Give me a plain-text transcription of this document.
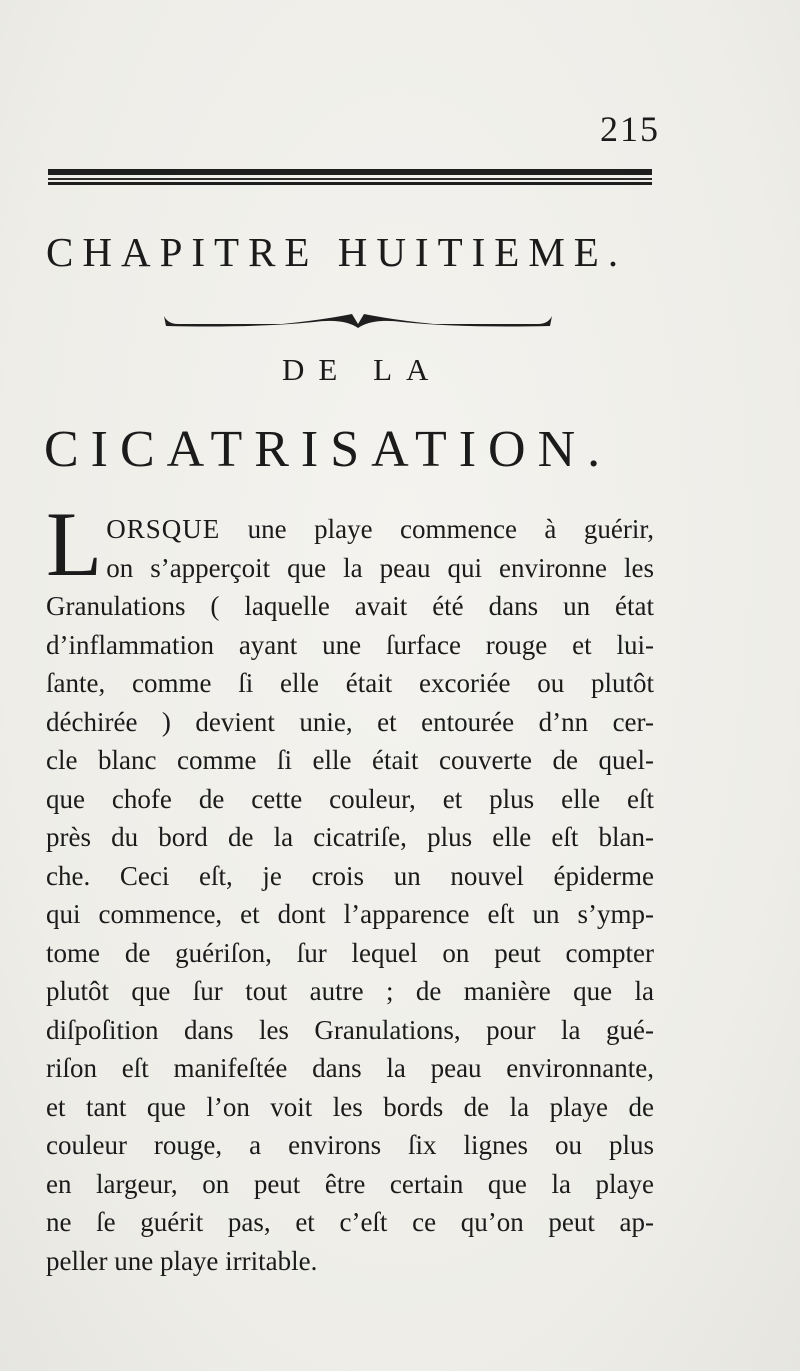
215
CHAPITRE HUITIEME.
DE LA
CICATRISATION.
L ORSQUE une playe commence à guérir,
on s’apperçoit que la peau qui environne les
Granulations ( laquelle avait été dans un état
d’inflammation ayant une ſurface rouge et lui-
ſante, comme ſi elle était excoriée ou plutôt
déchirée ) devient unie, et entourée d’nn cer-
cle blanc comme ſi elle était couverte de quel-
que chofe de cette couleur, et plus elle eſt
près du bord de la cicatriſe, plus elle eſt blan-
che. Ceci eſt, je crois un nouvel épiderme
qui commence, et dont l’apparence eſt un s’ymp-
tome de guériſon, ſur lequel on peut compter
plutôt que ſur tout autre ; de manière que la
diſpoſition dans les Granulations, pour la gué-
riſon eſt manifeſtée dans la peau environnante,
et tant que l’on voit les bords de la playe de
couleur rouge, a environs ſix lignes ou plus
en largeur, on peut être certain que la playe
ne ſe guérit pas, et c’eſt ce qu’on peut ap-
peller une playe irritable.
